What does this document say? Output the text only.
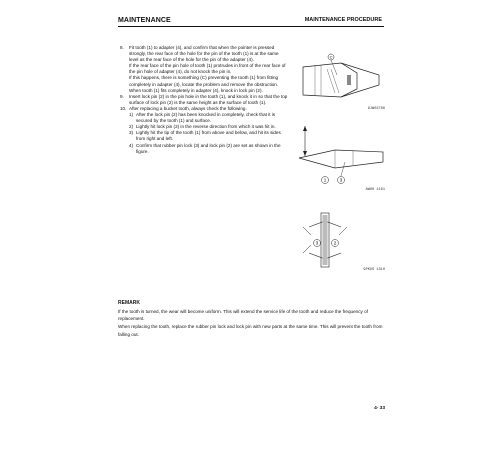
MAINTENANCE	MAINTENANCE PROCEDURE
8. Fit tooth (1) to adapter (4), and confirm that when the pointer is pressed strongly, the rear face of the hole for the pin of the tooth (1) is at the same level as the rear face of the hole for the pin of the adapter (4).

If the rear face of the pin hole of tooth (1) protrudes in front of the rear face of the pin hole of adapter (4), do not knock the pin in.

If this happens, there is something (C) preventing the tooth (1) from fitting completely in adapter (4), locate the problem and remove the obstruction. When tooth (1) fits completely in adapter (4), knock in lock pin (2).

9. Insert lock pin (2) in the pin hole in the tooth (1), and knock it in so that the top surface of lock pin (2) is the same height as the surface of tooth (1).

10. After replacing a bucket tooth, always check the following.

1) After the lock pin (2) has been knocked in completely, check that it is secured by the tooth (1) and surface.
2) Lightly hit lock pin (2) in the reverse direction from which it was hit in.
3) Lightly hit the tip of the tooth (1) from above and below, and hit its sides from right and left.
4) Confirm that rubber pin lock (3) and lock pin (2) are set as shown in the figure.
C
9JW03786
1	3
AW00 1161
3	2
9PKOS 1310
REMARK

If the tooth is turned, the wear will become uniform. This will extend the service life of the tooth and reduce the frequency of replacement.

When replacing the tooth, replace the rubber pin lock and lock pin with new parts at the same time. This will prevent the tooth from falling out.

4- 33
